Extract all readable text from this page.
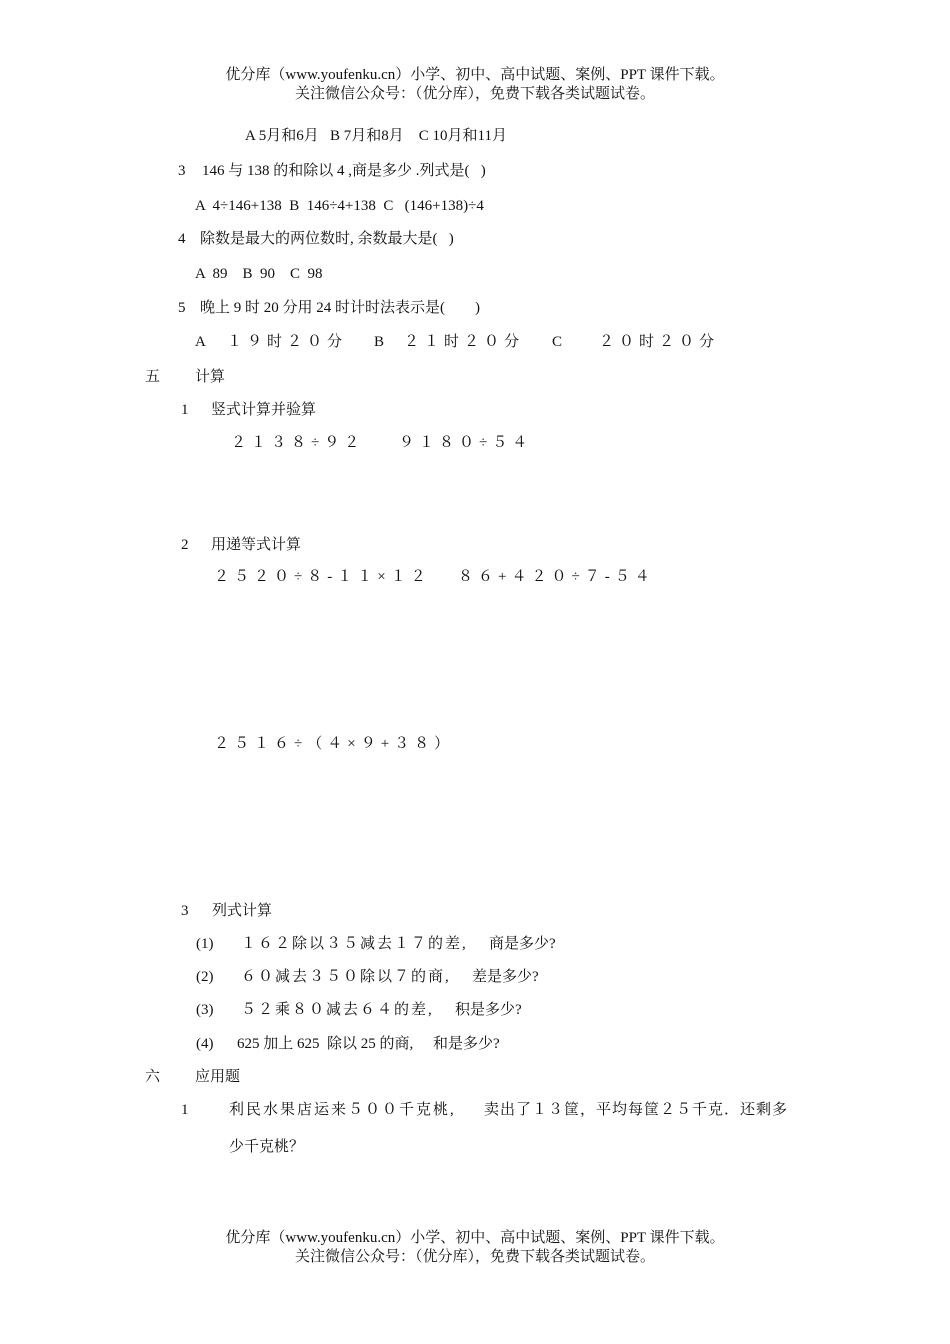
优分库（www.youfenku.cn）小学、初中、高中试题、案例、PPT 课件下载。
关注微信公众号：（优分库），免费下载各类试题试卷。
A 5月和6月   B 7月和8月    C 10月和11月
3 146 与 138 的和除以 4 ,商是多少 .列式是(   )
A  4÷146+138  B  146÷4+138  C   (146+138)÷4
4 除数是最大的两位数时, 余数最大是(   )
A  89    B  90    C  98
5 晚上 9 时 20 分用 24 时计时法表示是(        )
A １９时２０分 B ２１时２０分 C ２０时２０分
五 计算
1 竖式计算并验算
２１３８÷９２ ９１８０÷５４
2 用递等式计算
２５２０÷８-１１×１２ ８６+４２０÷７-５４
２５１６÷（４×９+３８）
3 列式计算
(1) １６２除以３５减去１７的差, 商是多少?
(2) ６０减去３５０除以７的商, 差是多少?
(3) ５２乘８０减去６４的差, 积是多少?
(4) 625 加上 625  除以 25 的商, 和是多少?
六 应用题
1	利民水果店运来５００千克桃, 卖出了１３筐，平均每筐２５千克．还剩多
少千克桃？
优分库（www.youfenku.cn）小学、初中、高中试题、案例、PPT 课件下载。
关注微信公众号：（优分库），免费下载各类试题试卷。
